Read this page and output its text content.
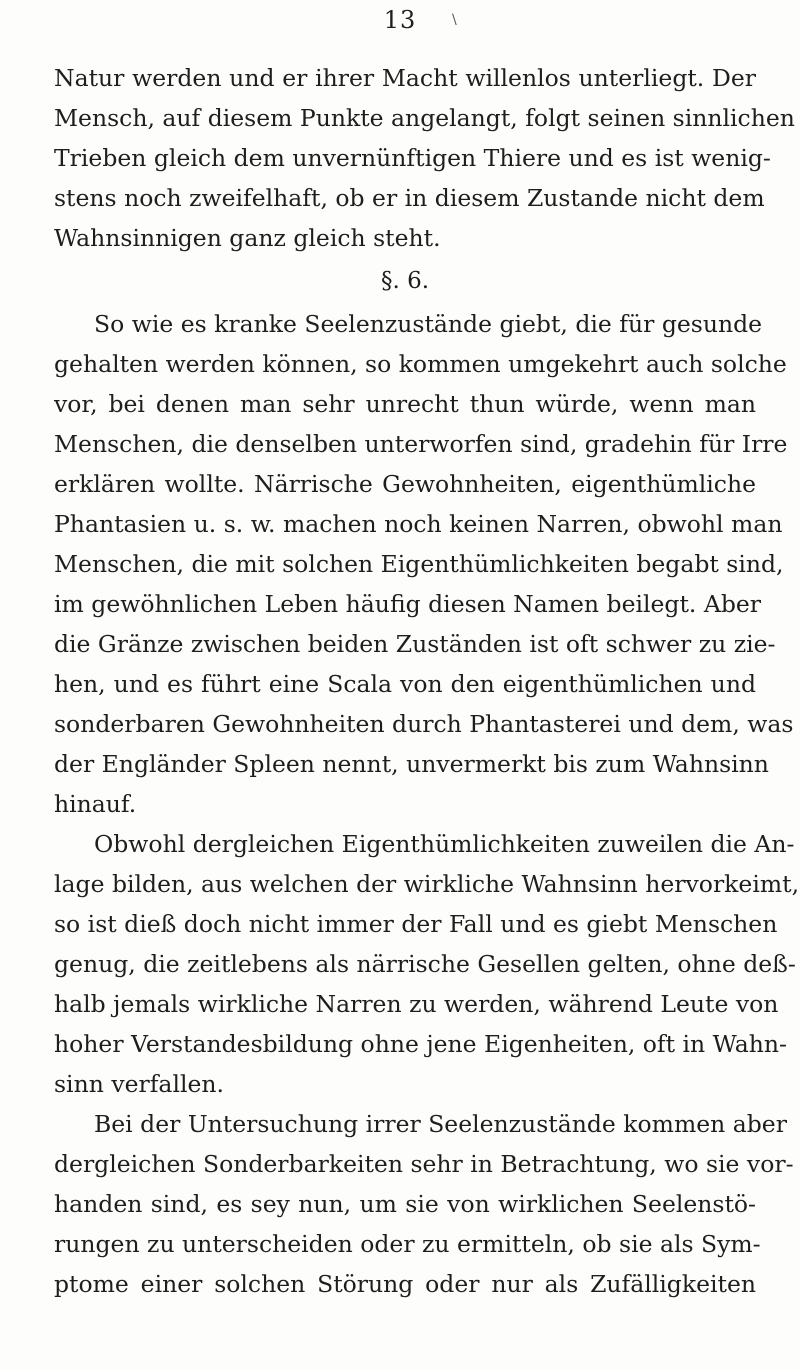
13	\
Natur werden und er ihrer Macht willenlos unterliegt. Der
Mensch, auf diesem Punkte angelangt, folgt seinen sinnlichen
Trieben gleich dem unvernünftigen Thiere und es ist wenig-
stens noch zweifelhaft, ob er in diesem Zustande nicht dem
Wahnsinnigen ganz gleich steht.
§. 6.
So wie es kranke Seelenzustände giebt, die für gesunde
gehalten werden können, so kommen umgekehrt auch solche
vor, bei denen man sehr unrecht thun würde, wenn man
Menschen, die denselben unterworfen sind, gradehin für Irre
erklären wollte. Närrische Gewohnheiten, eigenthümliche
Phantasien u. s. w. machen noch keinen Narren, obwohl man
Menschen, die mit solchen Eigenthümlichkeiten begabt sind,
im gewöhnlichen Leben häufig diesen Namen beilegt. Aber
die Gränze zwischen beiden Zuständen ist oft schwer zu zie-
hen, und es führt eine Scala von den eigenthümlichen und
sonderbaren Gewohnheiten durch Phantasterei und dem, was
der Engländer Spleen nennt, unvermerkt bis zum Wahnsinn
hinauf.
Obwohl dergleichen Eigenthümlichkeiten zuweilen die An-
lage bilden, aus welchen der wirkliche Wahnsinn hervorkeimt,
so ist dieß doch nicht immer der Fall und es giebt Menschen
genug, die zeitlebens als närrische Gesellen gelten, ohne deß-
halb jemals wirkliche Narren zu werden, während Leute von
hoher Verstandesbildung ohne jene Eigenheiten, oft in Wahn-
sinn verfallen.
Bei der Untersuchung irrer Seelenzustände kommen aber
dergleichen Sonderbarkeiten sehr in Betrachtung, wo sie vor-
handen sind, es sey nun, um sie von wirklichen Seelenstö-
rungen zu unterscheiden oder zu ermitteln, ob sie als Sym-
ptome einer solchen Störung oder nur als Zufälligkeiten
